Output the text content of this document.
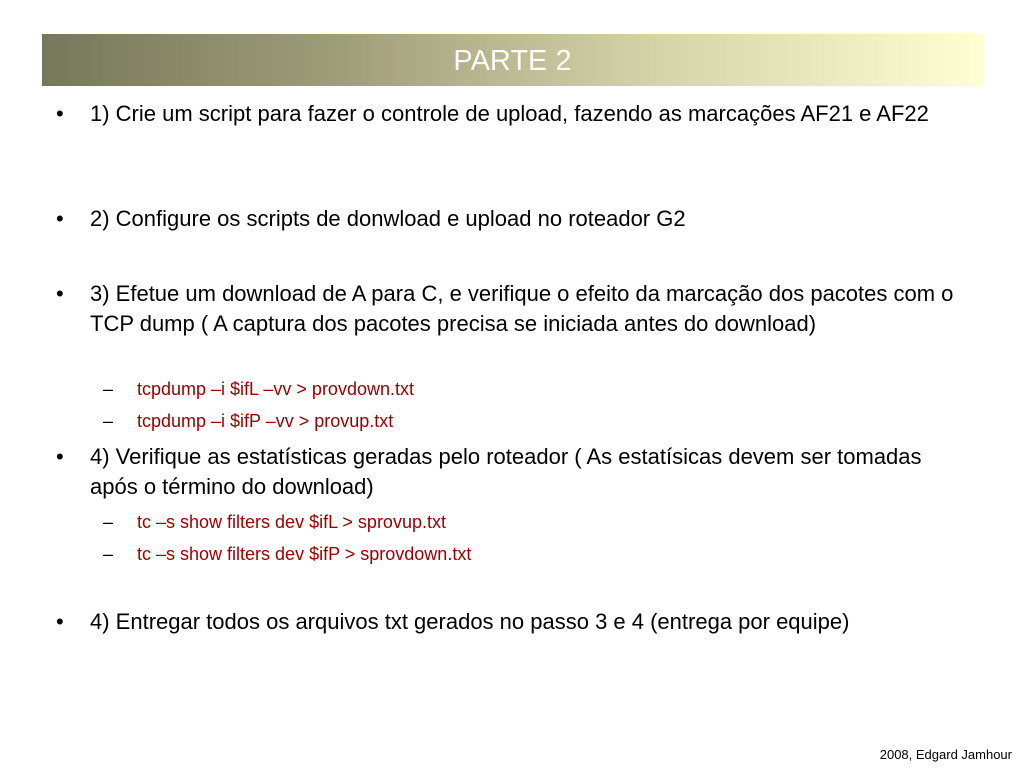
PARTE 2
• 1) Crie um script para fazer o controle de upload, fazendo as marcações AF21 e AF22
• 2) Configure os scripts de donwload e upload no roteador G2
• 3) Efetue um download de A para C, e verifique o efeito da marcação dos pacotes com o TCP dump ( A captura dos pacotes precisa se iniciada antes do download)
– tcpdump –i $ifL –vv > provdown.txt
– tcpdump –i $ifP –vv > provup.txt
• 4) Verifique as estatísticas geradas pelo roteador ( As estatísicas devem ser tomadas após o término do download)
– tc –s show filters dev $ifL > sprovup.txt
– tc –s show filters dev $ifP > sprovdown.txt
• 4) Entregar todos os arquivos txt gerados no passo 3 e 4 (entrega por equipe)
2008, Edgard Jamhour
